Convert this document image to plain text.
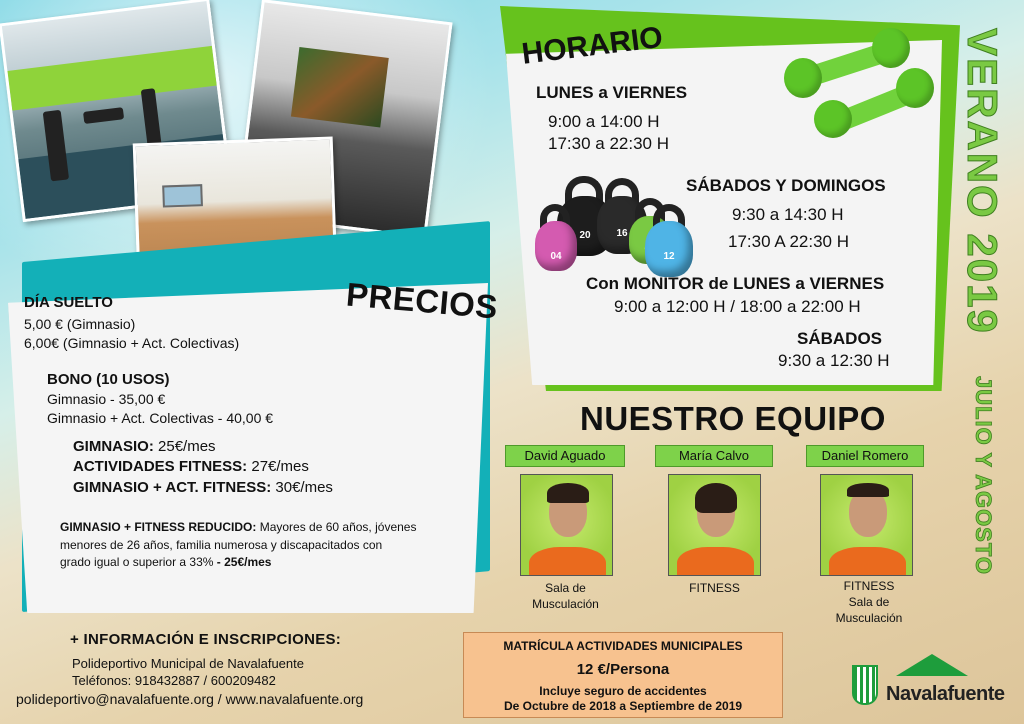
PRECIOS
DÍA SUELTO
5,00 € (Gimnasio)
6,00€ (Gimnasio + Act. Colectivas)
BONO (10 USOS)
Gimnasio - 35,00 €
Gimnasio + Act. Colectivas - 40,00 €
GIMNASIO: 25€/mes
ACTIVIDADES FITNESS: 27€/mes
GIMNASIO + ACT. FITNESS: 30€/mes
GIMNASIO + FITNESS REDUCIDO: Mayores de 60 años, jóvenes
menores de 26 años, familia numerosa y discapacitados con
grado igual o superior a 33% - 25€/mes
HORARIO
20	16
04	12
LUNES a VIERNES
9:00 a 14:00 H
17:30 a 22:30 H
SÁBADOS Y DOMINGOS
9:30 a 14:30 H
17:30 A 22:30 H
Con MONITOR de LUNES a VIERNES
9:00 a 12:00 H / 18:00 a 22:00 H
SÁBADOS
9:30 a 12:30 H
VERANO 2019
JULIO Y AGOSTO
NUESTRO EQUIPO
David Aguado
Sala de
Musculación
María Calvo
FITNESS
Daniel Romero
FITNESS
Sala de
Musculación
MATRÍCULA ACTIVIDADES MUNICIPALES
12 €/Persona
Incluye seguro de accidentes
De Octubre de 2018 a Septiembre de 2019
+ INFORMACIÓN E INSCRIPCIONES:
Polideportivo Municipal de Navalafuente
Teléfonos: 918432887 / 600209482
polideportivo@navalafuente.org / www.navalafuente.org	Navalafuente
